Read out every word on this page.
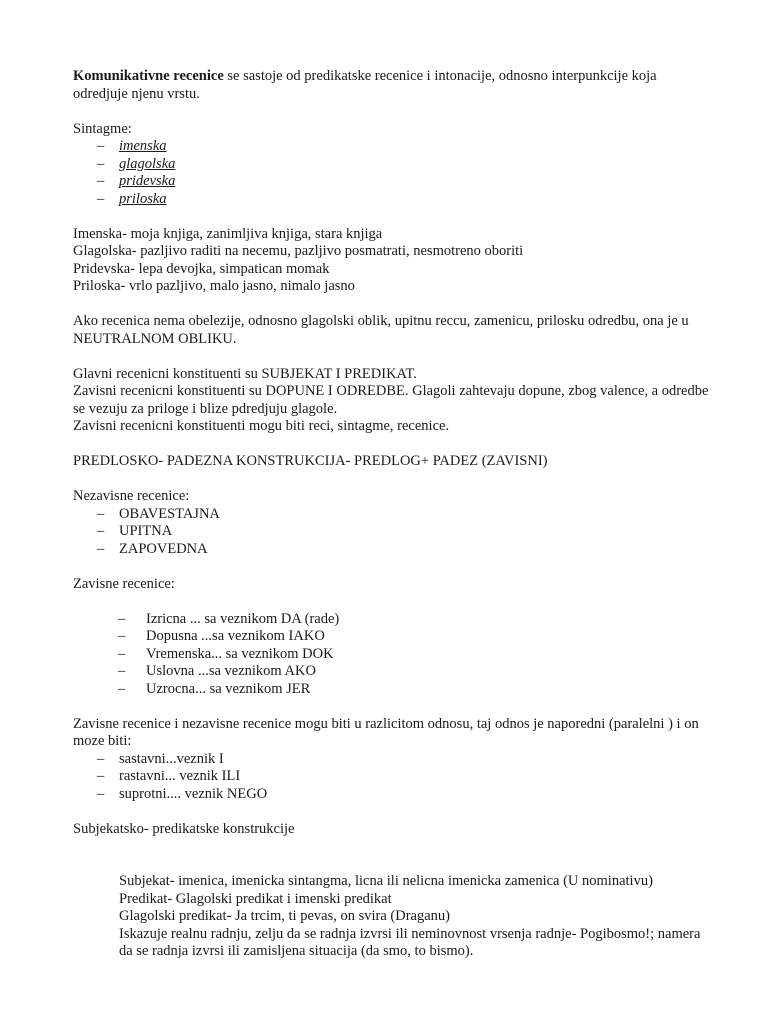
Komunikativne recenice se sastoje od predikatske recenice i intonacije, odnosno interpunkcije koja odredjuje njenu vrstu.

Sintagme:

– imenska
– glagolska
– pridevska
– priloska

Imenska- moja knjiga, zanimljiva knjiga, stara knjiga

Glagolska- pazljivo raditi na necemu, pazljivo posmatrati, nesmotreno oboriti

Pridevska- lepa devojka, simpatican momak

Priloska- vrlo pazljivo, malo jasno, nimalo jasno

Ako recenica nema obelezije, odnosno glagolski oblik, upitnu reccu, zamenicu, prilosku odredbu, ona je u NEUTRALNOM OBLIKU.

Glavni recenicni konstituenti su SUBJEKAT I PREDIKAT.

Zavisni recenicni konstituenti su DOPUNE I ODREDBE. Glagoli zahtevaju dopune, zbog valence, a odredbe se vezuju za priloge i blize pdredjuju glagole.

Zavisni recenicni konstituenti mogu biti reci, sintagme, recenice.

PREDLOSKO- PADEZNA KONSTRUKCIJA- PREDLOG+ PADEZ (ZAVISNI)

Nezavisne recenice:

– OBAVESTAJNA
– UPITNA
– ZAPOVEDNA

Zavisne recenice:

– Izricna ... sa veznikom DA (rade)
– Dopusna ...sa veznikom IAKO
– Vremenska... sa veznikom DOK
– Uslovna ...sa veznikom AKO
– Uzrocna... sa veznikom JER

Zavisne recenice i nezavisne recenice mogu biti u razlicitom odnosu, taj odnos je naporedni (paralelni ) i on moze biti:

– sastavni...veznik I
– rastavni... veznik ILI
– suprotni.... veznik NEGO

Subjekatsko- predikatske konstrukcije

Subjekat- imenica, imenicka sintangma, licna ili nelicna imenicka zamenica (U nominativu)

Predikat- Glagolski predikat i imenski predikat

Glagolski predikat- Ja trcim, ti pevas, on svira (Draganu)

Iskazuje realnu radnju, zelju da se radnja izvrsi ili neminovnost vrsenja radnje- Pogibosmo!; namera da se radnja izvrsi ili zamisljena situacija (da smo, to bismo).
